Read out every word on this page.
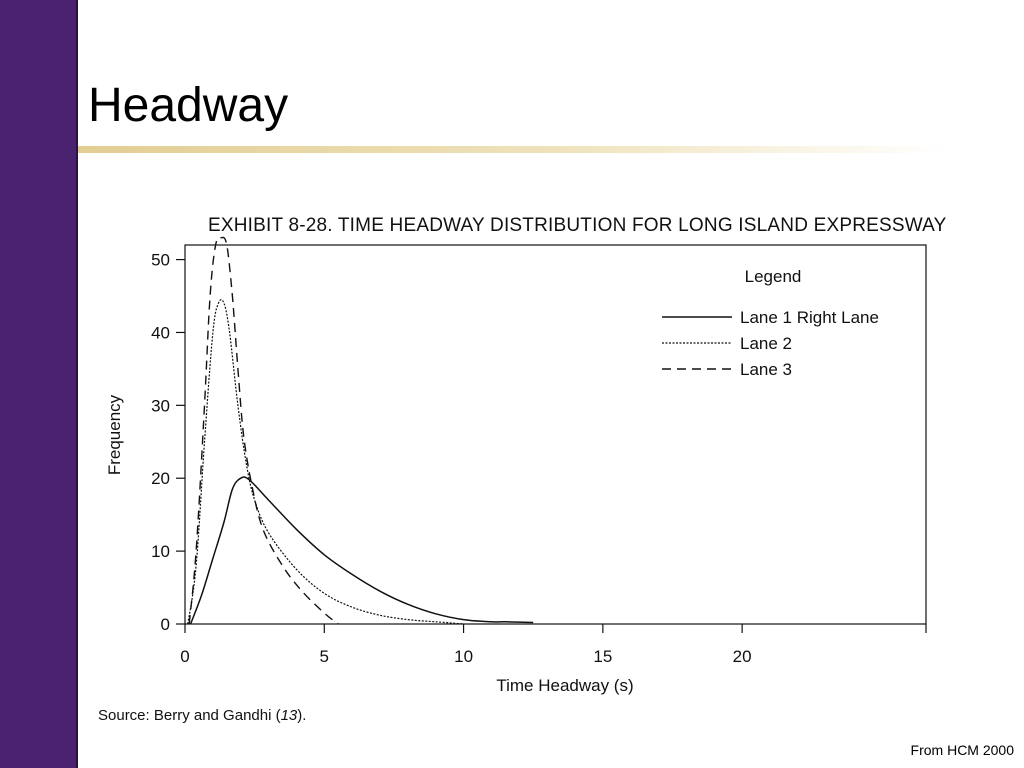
Headway
EXHIBIT 8-28. TIME HEADWAY DISTRIBUTION FOR LONG ISLAND EXPRESSWAY
Frequency
Time Headway (s)
0	5	10	15	20
0
10
20
30
40
50
Legend
Lane 1 Right Lane
Lane 2
Lane 3
Source: Berry and Gandhi (13).
From HCM 2000
